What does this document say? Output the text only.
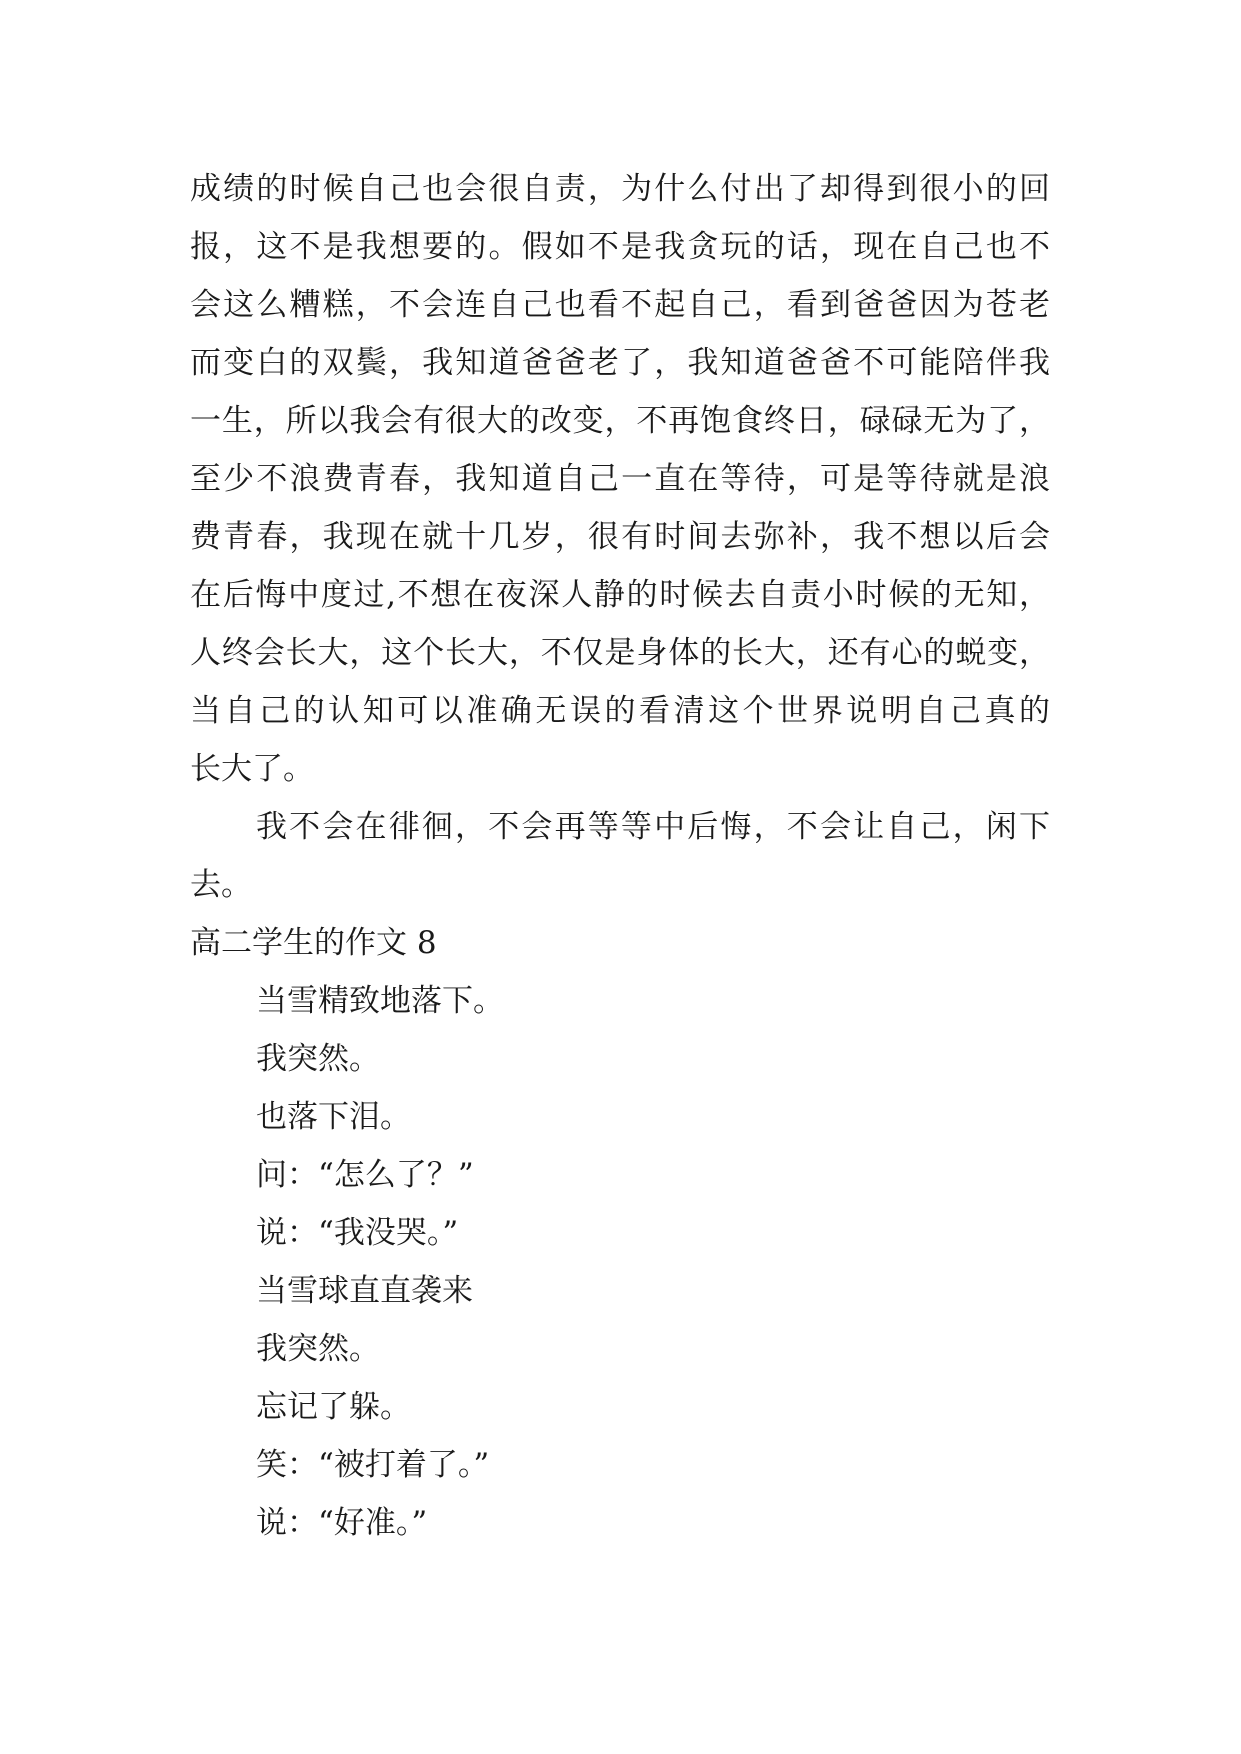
成绩的时候自己也会很自责，为什么付出了却得到很小的回
报，这不是我想要的。假如不是我贪玩的话，现在自己也不
会这么糟糕，不会连自己也看不起自己，看到爸爸因为苍老
而变白的双鬓，我知道爸爸老了，我知道爸爸不可能陪伴我
一生，所以我会有很大的改变，不再饱食终日，碌碌无为了，
至少不浪费青春，我知道自己一直在等待，可是等待就是浪
费青春，我现在就十几岁，很有时间去弥补，我不想以后会
在后悔中度过,不想在夜深人静的时候去自责小时候的无知，
人终会长大，这个长大，不仅是身体的长大，还有心的蜕变，
当自己的认知可以准确无误的看清这个世界说明自己真的
长大了。
我不会在徘徊，不会再等等中后悔，不会让自己，闲下
去。
高二学生的作文 8
当雪精致地落下。
我突然。
也落下泪。
问：“怎么了？”
说：“我没哭。”
当雪球直直袭来
我突然。
忘记了躲。
笑：“被打着了。”
说：“好准。”
